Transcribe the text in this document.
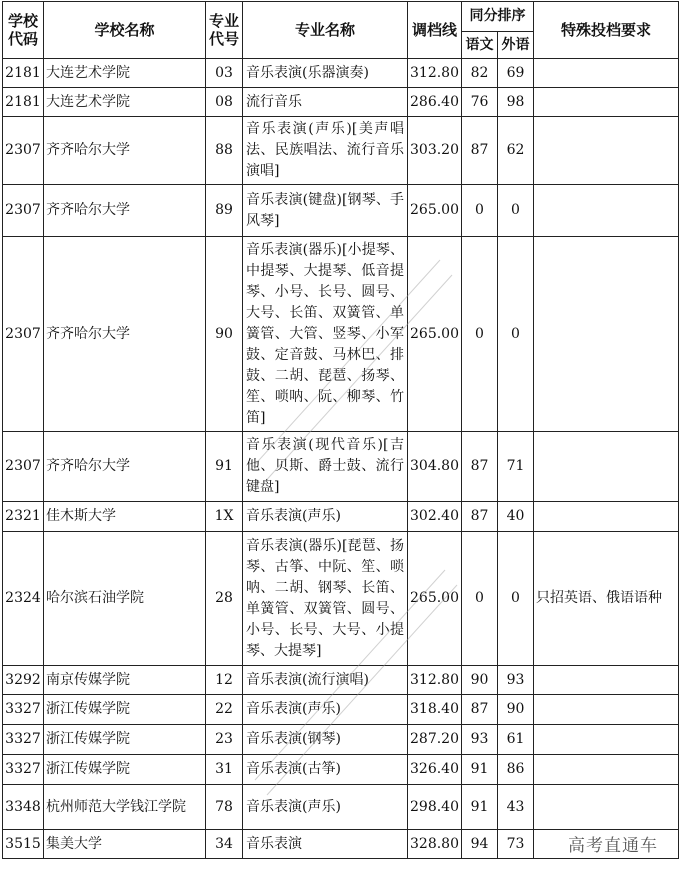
学校代码	学校名称	专业代号	专业名称	调档线	同分排序		特殊投档要求
					语文	外语	
2181	大连艺术学院	03	音乐表演(乐器演奏)	312.80	82	69	
2181	大连艺术学院	08	流行音乐	286.40	76	98	
2307	齐齐哈尔大学	88	音乐表演(声乐)[美声唱法、民族唱法、流行音乐演唱]	303.20	87	62	
2307	齐齐哈尔大学	89	音乐表演(键盘)[钢琴、手风琴]	265.00	0	0	
2307	齐齐哈尔大学	90	音乐表演(器乐)[小提琴、中提琴、大提琴、低音提琴、小号、长号、圆号、大号、长笛、双簧管、单簧管、大管、竖琴、小军鼓、定音鼓、马林巴、排鼓、二胡、琵琶、扬琴、笙、唢呐、阮、柳琴、竹笛]	265.00	0	0	
2307	齐齐哈尔大学	91	音乐表演(现代音乐)[吉他、贝斯、爵士鼓、流行键盘]	304.80	87	71	
2321	佳木斯大学	1X	音乐表演(声乐)	302.40	87	40	
2324	哈尔滨石油学院	28	音乐表演(器乐)[琵琶、扬琴、古筝、中阮、笙、唢呐、二胡、钢琴、长笛、单簧管、双簧管、圆号、小号、长号、大号、小提琴、大提琴]	265.00	0	0	只招英语、俄语语种
3292	南京传媒学院	12	音乐表演(流行演唱)	312.80	90	93	
3327	浙江传媒学院	22	音乐表演(声乐)	318.40	87	90	
3327	浙江传媒学院	23	音乐表演(钢琴)	287.20	93	61	
3327	浙江传媒学院	31	音乐表演(古筝)	326.40	91	86	
3348	杭州师范大学钱江学院	78	音乐表演(声乐)	298.40	91	43	
3515	集美大学	34	音乐表演	328.80	94	73		高考直通车
